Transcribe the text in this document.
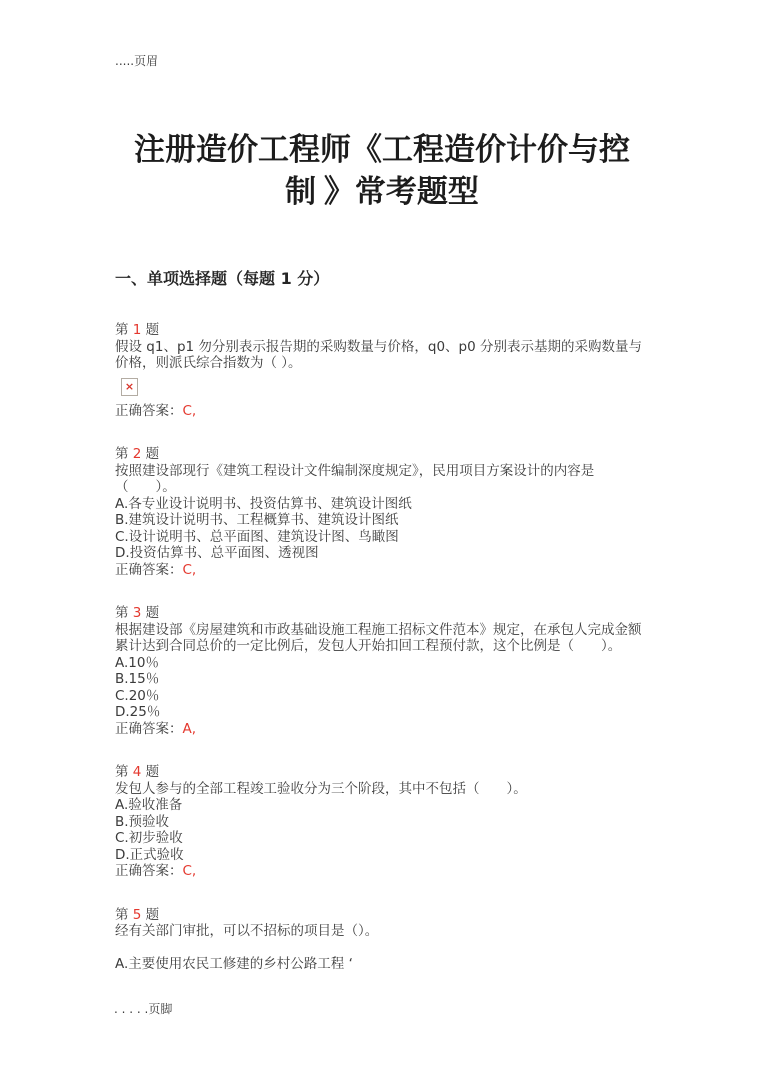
.....页眉
注册造价工程师《工程造价计价与控制 》常考题型
一、单项选择题（每题 1 分）
第 1 题
假设 q1、p1 勿分别表示报告期的采购数量与价格，q0、p0 分别表示基期的采购数量与价格，则派氏综合指数为（ ）。
×
正确答案：C,
第 2 题
按照建设部现行《建筑工程设计文件编制深度规定》，民用项目方案设计的内容是（　　）。
A.各专业设计说明书、投资估算书、建筑设计图纸
B.建筑设计说明书、工程概算书、建筑设计图纸
C.设计说明书、总平面图、建筑设计图、鸟瞰图
D.投资估算书、总平面图、透视图
正确答案：C,
第 3 题
根据建设部《房屋建筑和市政基础设施工程施工招标文件范本》规定，在承包人完成金额累计达到合同总价的一定比例后，发包人开始扣回工程预付款，这个比例是（　　）。
A.10％
B.15％
C.20％
D.25％
正确答案：A,
第 4 题
发包人参与的全部工程竣工验收分为三个阶段，其中不包括（　　）。
A.验收准备
B.预验收
C.初步验收
D.正式验收
正确答案：C,
第 5 题
经有关部门审批，可以不招标的项目是（）。
A.主要使用农民工修建的乡村公路工程 ‘
. . . . .页脚
